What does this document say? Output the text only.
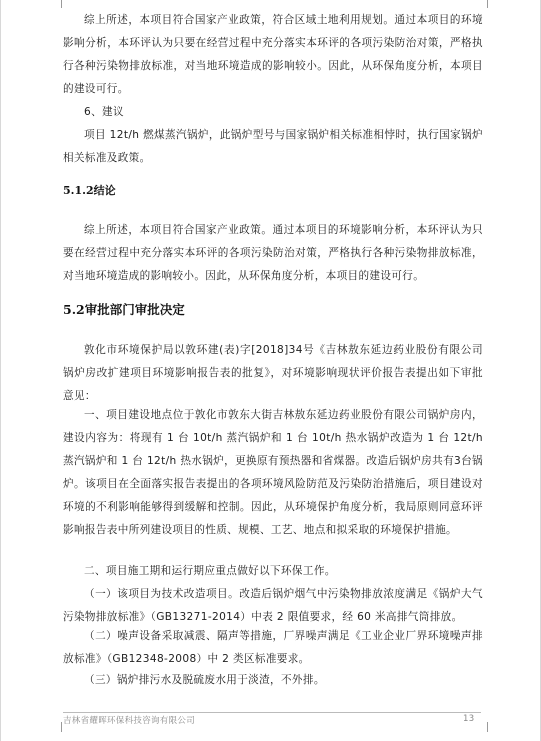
综上所述，本项目符合国家产业政策，符合区域土地利用规划。通过本项目的环境影响分析，本环评认为只要在经营过程中充分落实本环评的各项污染防治对策，严格执行各种污染物排放标准，对当地环境造成的影响较小。因此，从环保角度分析，本项目的建设可行。

6、建议

项目 12t/h 燃煤蒸汽锅炉，此锅炉型号与国家锅炉相关标准相悖时，执行国家锅炉相关标准及政策。

5.1.2结论

综上所述，本项目符合国家产业政策。通过本项目的环境影响分析，本环评认为只要在经营过程中充分落实本环评的各项污染防治对策，严格执行各种污染物排放标准，对当地环境造成的影响较小。因此，从环保角度分析，本项目的建设可行。

5.2审批部门审批决定

敦化市环境保护局以敦环建(表)字[2018]34号《吉林敖东延边药业股份有限公司锅炉房改扩建项目环境影响报告表的批复》，对环境影响现状评价报告表提出如下审批意见：

一、项目建设地点位于敦化市敦东大街吉林敖东延边药业股份有限公司锅炉房内，建设内容为：将现有 1 台 10t/h 蒸汽锅炉和 1 台 10t/h 热水锅炉改造为 1 台 12t/h 蒸汽锅炉和 1 台 12t/h 热水锅炉，更换原有预热器和省煤器。改造后锅炉房共有3台锅炉。该项目在全面落实报告表提出的各项环境风险防范及污染防治措施后，项目建设对环境的不利影响能够得到缓解和控制。因此，从环境保护角度分析，我局原则同意环评影响报告表中所列建设项目的性质、规模、工艺、地点和拟采取的环境保护措施。

二、项目施工期和运行期应重点做好以下环保工作。

（一）该项目为技术改造项目。改造后锅炉烟气中污染物排放浓度满足《锅炉大气污染物排放标准》（GB13271-2014）中表 2 限值要求，经 60 米高排气筒排放。

（二）噪声设备采取减震、隔声等措施，厂界噪声满足《工业企业厂界环境噪声排放标准》（GB12348-2008）中 2 类区标准要求。

（三）锅炉排污水及脱硫废水用于淡渣，不外排。

吉林省耀晖环保科技咨询有限公司	13
